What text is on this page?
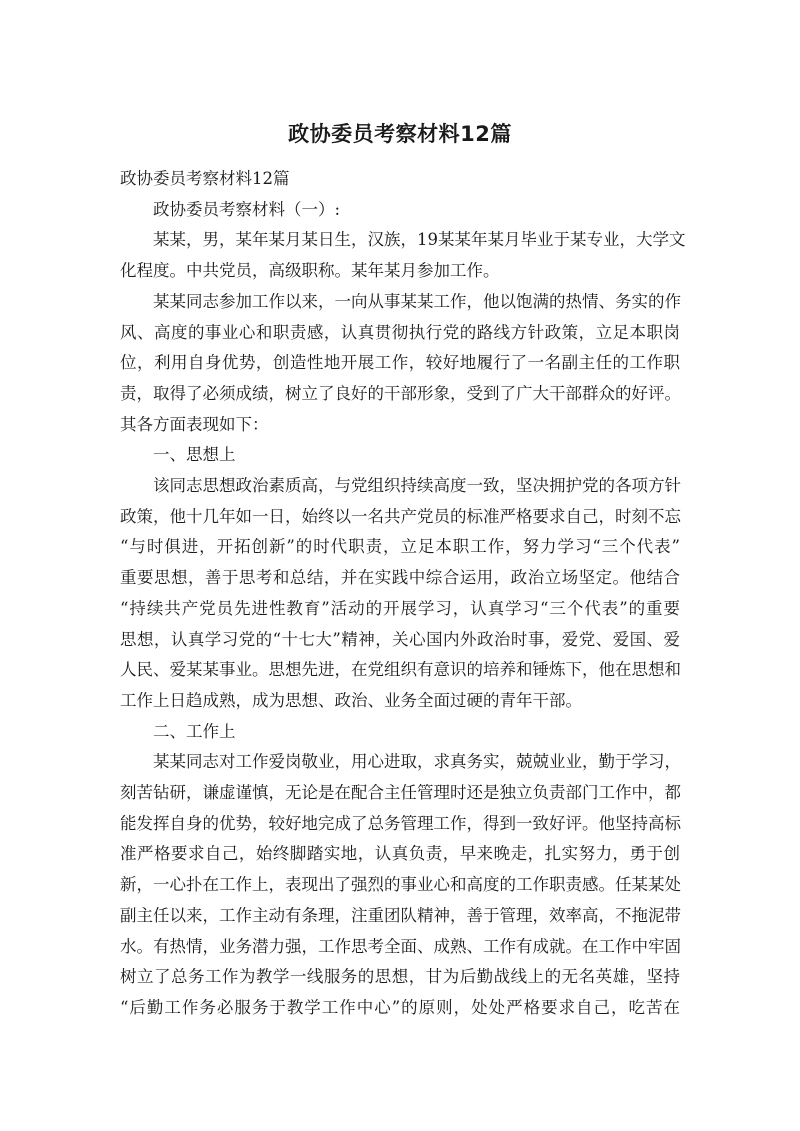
政协委员考察材料12篇

政协委员考察材料12篇

政协委员考察材料（一）:

某某，男，某年某月某日生，汉族，19某某年某月毕业于某专业，大学文

化程度。中共党员，高级职称。某年某月参加工作。

某某同志参加工作以来，一向从事某某工作，他以饱满的热情、务实的作

风、高度的事业心和职责感，认真贯彻执行党的路线方针政策，立足本职岗

位，利用自身优势，创造性地开展工作，较好地履行了一名副主任的工作职

责，取得了必须成绩，树立了良好的干部形象，受到了广大干部群众的好评。

其各方面表现如下：

一、思想上

该同志思想政治素质高，与党组织持续高度一致，坚决拥护党的各项方针

政策，他十几年如一日，始终以一名共产党员的标准严格要求自己，时刻不忘

“与时俱进，开拓创新”的时代职责，立足本职工作，努力学习“三个代表”

重要思想，善于思考和总结，并在实践中综合运用，政治立场坚定。他结合

“持续共产党员先进性教育”活动的开展学习，认真学习“三个代表”的重要

思想，认真学习党的“十七大”精神，关心国内外政治时事，爱党、爱国、爱

人民、爱某某事业。思想先进，在党组织有意识的培养和锤炼下，他在思想和

工作上日趋成熟，成为思想、政治、业务全面过硬的青年干部。

二、工作上

某某同志对工作爱岗敬业，用心进取，求真务实，兢兢业业，勤于学习，

刻苦钻研，谦虚谨慎，无论是在配合主任管理时还是独立负责部门工作中，都

能发挥自身的优势，较好地完成了总务管理工作，得到一致好评。他坚持高标

准严格要求自己，始终脚踏实地，认真负责，早来晚走，扎实努力，勇于创

新，一心扑在工作上，表现出了强烈的事业心和高度的工作职责感。任某某处

副主任以来，工作主动有条理，注重团队精神，善于管理，效率高，不拖泥带

水。有热情，业务潜力强，工作思考全面、成熟、工作有成就。在工作中牢固

树立了总务工作为教学一线服务的思想，甘为后勤战线上的无名英雄，坚持

“后勤工作务必服务于教学工作中心”的原则，处处严格要求自己，吃苦在
